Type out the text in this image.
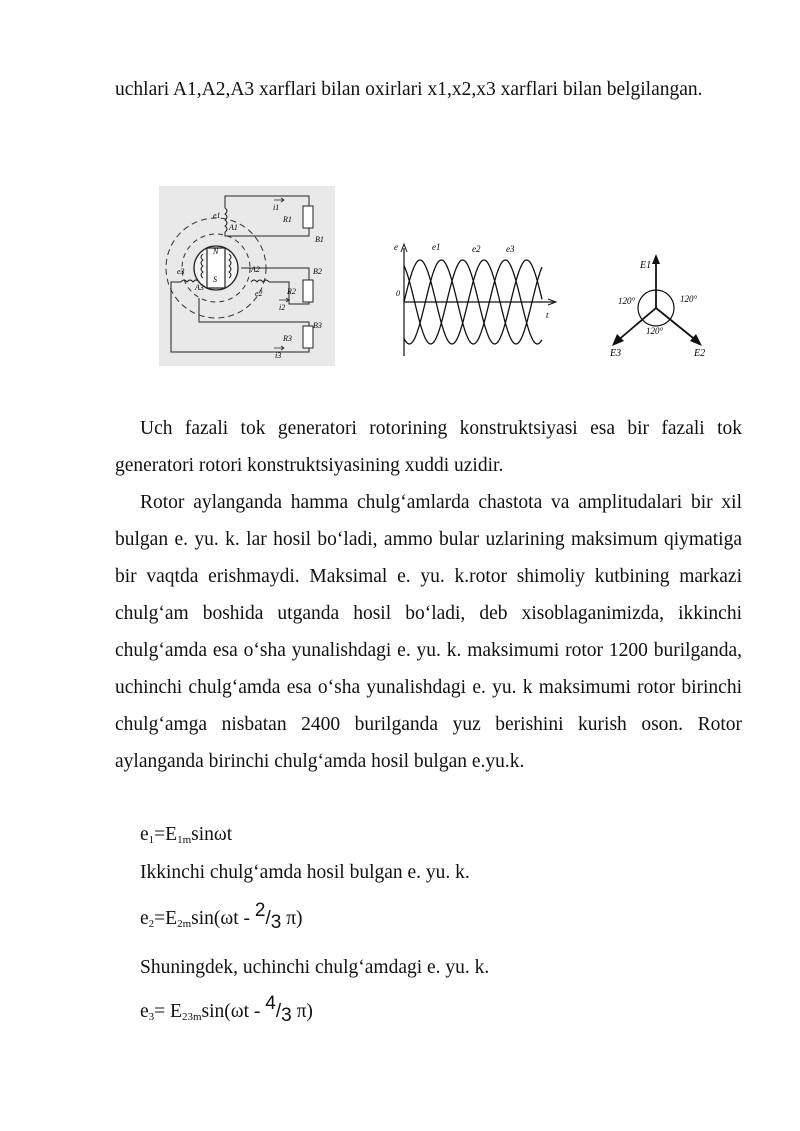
uchlari A1,A2,A3 xarflari bilan oxirlari x1,x2,x3 xarflari bilan belgilangan.

e1
A1
N
S
A2
e3
A3
e2
i1
R1
B1
B2
R2
i2
B3
R3
i3
e	e1	e2	e3
0
t
E1
E3	E2
120°	120°
120°

Uch fazali tok generatori rotorining konstruktsiyasi esa bir fazali tok generatori rotori konstruktsiyasining xuddi uzidir.

Rotor aylanganda hamma chulg‘amlarda chastota va amplitudalari bir xil bulgan e. yu. k. lar hosil bo‘ladi, ammo bular uzlarining maksimum qiymatiga bir vaqtda erishmaydi. Maksimal e. yu. k.rotor shimoliy kutbining markazi chulg‘am boshida utganda hosil bo‘ladi, deb xisoblaganimizda, ikkinchi chulg‘amda esa o‘sha yunalishdagi e. yu. k. maksimumi rotor 1200 burilganda, uchinchi chulg‘amda esa o‘sha yunalishdagi e. yu. k maksimumi rotor birinchi chulg‘amga nisbatan 2400 burilganda yuz berishini kurish oson. Rotor aylanganda birinchi chulg‘amda hosil bulgan e.yu.k.

$e_1=E_{1m}\sin\omega t$
Ikkinchi chulg‘amda hosil bulgan e. yu. k.
$e_2=E_{2m}\sin(\omega t - 2/3$ π)
Shuningdek, uchinchi chulg‘amdagi e. yu. k.
$e_3= E_{23m}\sin(\omega t - 4/3$ π)
